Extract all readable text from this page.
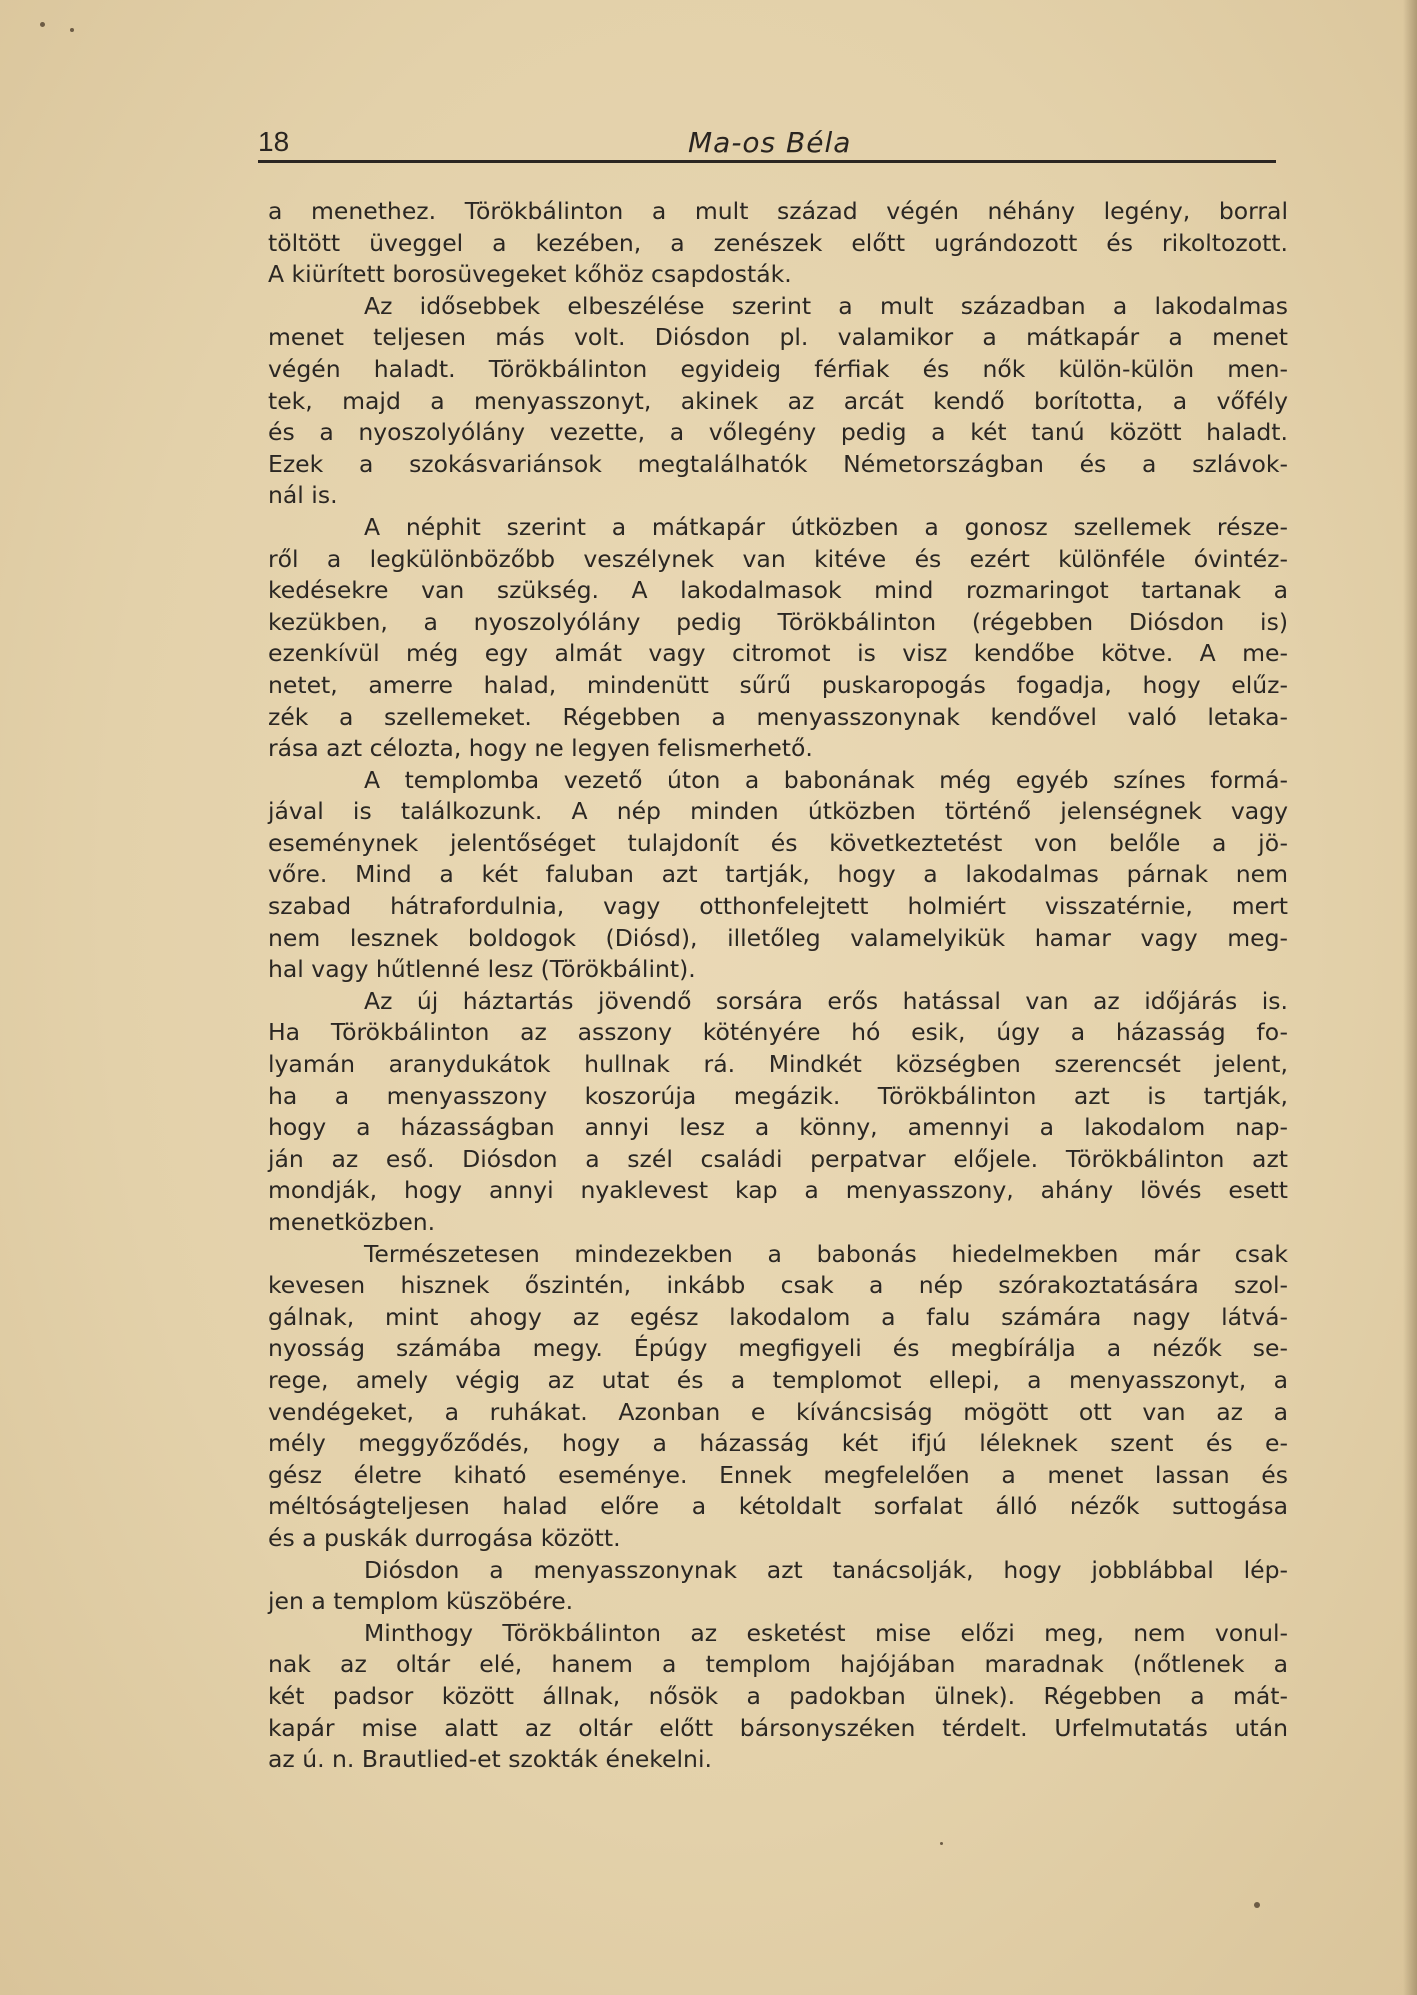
18	Ma-os Béla
a menethez. Törökbálinton a mult század végén néhány legény, borral
töltött üveggel a kezében, a zenészek előtt ugrándozott és rikoltozott.
A kiürített borosüvegeket kőhöz csapdosták.
Az idősebbek elbeszélése szerint a mult században a lakodalmas
menet teljesen más volt. Diósdon pl. valamikor a mátkapár a menet
végén haladt. Törökbálinton egyideig férfiak és nők külön-külön men-
tek, majd a menyasszonyt, akinek az arcát kendő borította, a vőfély
és a nyoszolyólány vezette, a vőlegény pedig a két tanú között haladt.
Ezek a szokásvariánsok megtalálhatók Németországban és a szlávok-
nál is.
A néphit szerint a mátkapár útközben a gonosz szellemek része-
ről a legkülönbözőbb veszélynek van kitéve és ezért különféle óvintéz-
kedésekre van szükség. A lakodalmasok mind rozmaringot tartanak a
kezükben, a nyoszolyólány pedig Törökbálinton (régebben Diósdon is)
ezenkívül még egy almát vagy citromot is visz kendőbe kötve. A me-
netet, amerre halad, mindenütt sűrű puskaropogás fogadja, hogy elűz-
zék a szellemeket. Régebben a menyasszonynak kendővel való letaka-
rása azt célozta, hogy ne legyen felismerhető.
A templomba vezető úton a babonának még egyéb színes formá-
jával is találkozunk. A nép minden útközben történő jelenségnek vagy
eseménynek jelentőséget tulajdonít és következtetést von belőle a jö-
vőre. Mind a két faluban azt tartják, hogy a lakodalmas párnak nem
szabad hátrafordulnia, vagy otthonfelejtett holmiért visszatérnie, mert
nem lesznek boldogok (Diósd), illetőleg valamelyikük hamar vagy meg-
hal vagy hűtlenné lesz (Törökbálint).
Az új háztartás jövendő sorsára erős hatással van az időjárás is.
Ha Törökbálinton az asszony kötényére hó esik, úgy a házasság fo-
lyamán aranydukátok hullnak rá. Mindkét községben szerencsét jelent,
ha a menyasszony koszorúja megázik. Törökbálinton azt is tartják,
hogy a házasságban annyi lesz a könny, amennyi a lakodalom nap-
ján az eső. Diósdon a szél családi perpatvar előjele. Törökbálinton azt
mondják, hogy annyi nyaklevest kap a menyasszony, ahány lövés esett
menetközben.
Természetesen mindezekben a babonás hiedelmekben már csak
kevesen hisznek őszintén, inkább csak a nép szórakoztatására szol-
gálnak, mint ahogy az egész lakodalom a falu számára nagy látvá-
nyosság számába megy. Épúgy megfigyeli és megbírálja a nézők se-
rege, amely végig az utat és a templomot ellepi, a menyasszonyt, a
vendégeket, a ruhákat. Azonban e kíváncsiság mögött ott van az a
mély meggyőződés, hogy a házasság két ifjú léleknek szent és e-
gész életre kiható eseménye. Ennek megfelelően a menet lassan és
méltóságteljesen halad előre a kétoldalt sorfalat álló nézők suttogása
és a puskák durrogása között.
Diósdon a menyasszonynak azt tanácsolják, hogy jobblábbal lép-
jen a templom küszöbére.
Minthogy Törökbálinton az esketést mise előzi meg, nem vonul-
nak az oltár elé, hanem a templom hajójában maradnak (nőtlenek a
két padsor között állnak, nősök a padokban ülnek). Régebben a mát-
kapár mise alatt az oltár előtt bársonyszéken térdelt. Urfelmutatás után
az ú. n. Brautlied-et szokták énekelni.
